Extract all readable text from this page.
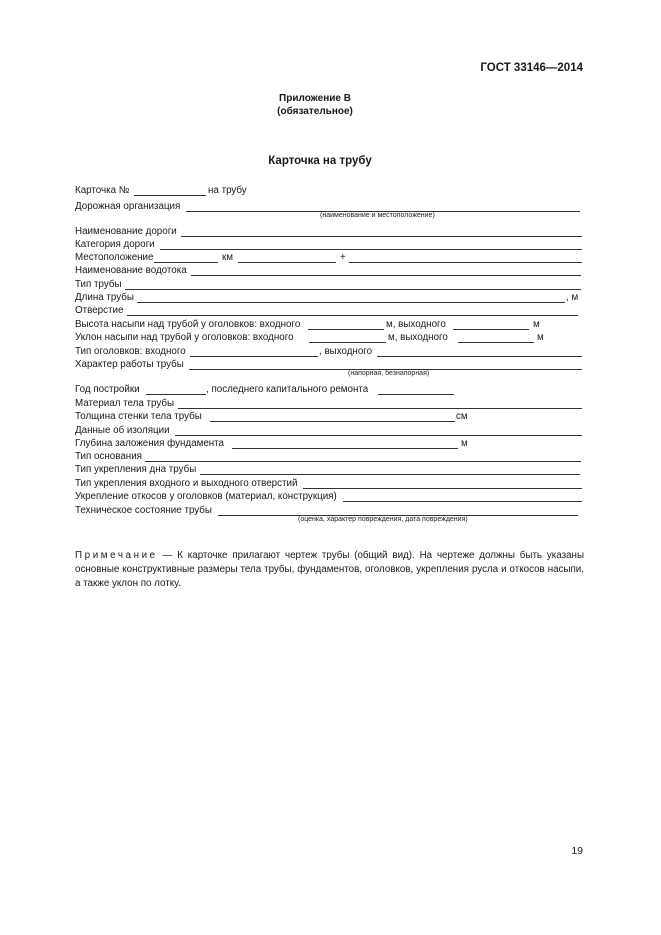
ГОСТ 33146—2014
Приложение В
(обязательное)
Карточка на трубу
Карточка №	на трубу
Дорожная организация
(наименование и местоположение)
Наименование дороги
Категория дороги
Местоположение	км	+
Наименование водотока
Тип трубы
Длина трубы	, м
Отверстие
Высота насыпи над трубой у оголовков: входного	м, выходного	м
Уклон насыпи над трубой у оголовков: входного	м, выходного	м
Тип оголовков: входного	, выходного
Характер работы трубы
(напорная, безнапорная)
Год постройки	, последнего капитального ремонта
Материал тела трубы
Толщина стенки тела трубы	см
Данные об изоляции
Глубина заложения фундамента	м
Тип основания
Тип укрепления дна трубы
Тип укрепления входного и выходного отверстий
Укрепление откосов у оголовков (материал, конструкция)
Техническое состояние трубы
(оценка, характер повреждения, дата повреждения)
Примечание — К карточке прилагают чертеж трубы (общий вид). На чертеже должны быть указаны основные конструктивные размеры тела трубы, фундаментов, оголовков, укрепления русла и откосов насыпи, а также уклон по лотку.
19
